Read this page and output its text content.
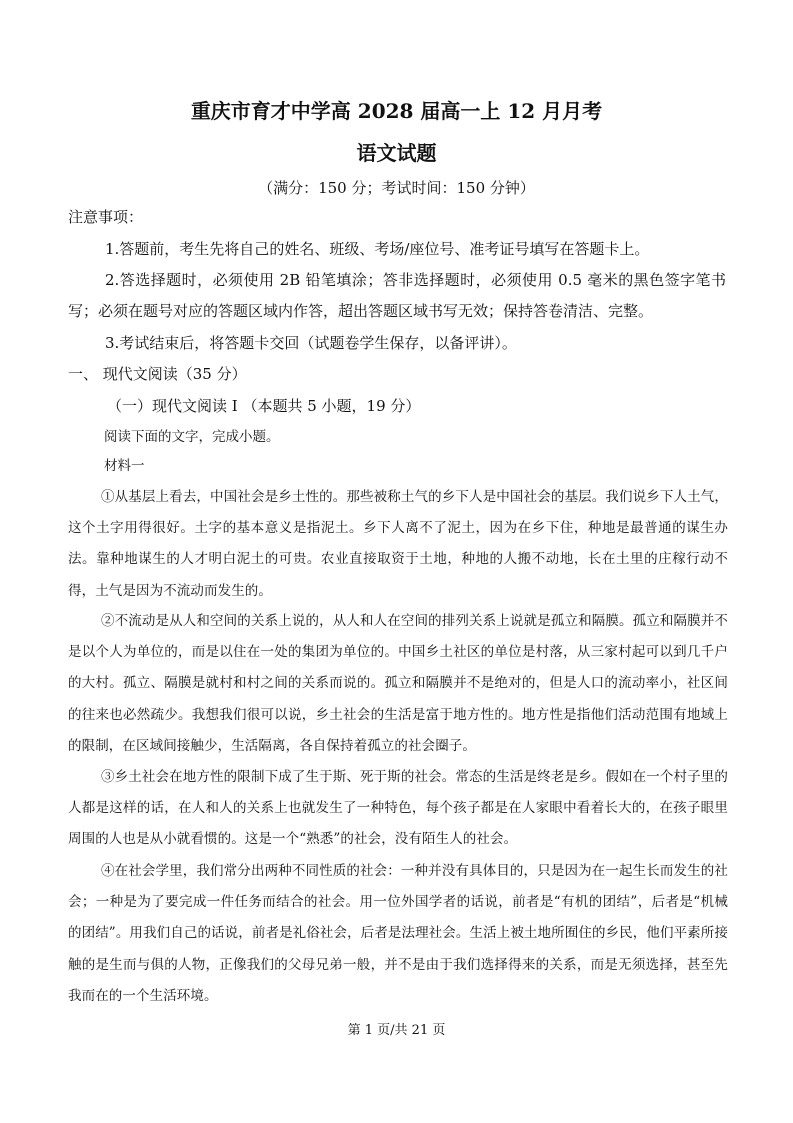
重庆市育才中学高 2028 届高一上 12 月月考
语文试题
（满分：150 分；考试时间：150 分钟）
注意事项：
1.答题前，考生先将自己的姓名、班级、考场/座位号、准考证号填写在答题卡上。
2.答选择题时，必须使用 2B 铅笔填涂；答非选择题时，必须使用 0.5 毫米的黑色签字笔书写；必须在题号对应的答题区域内作答，超出答题区域书写无效；保持答卷清洁、完整。
3.考试结束后，将答题卡交回（试题卷学生保存，以备评讲）。
一、 现代文阅读（35 分）
（一）现代文阅读 I （本题共 5 小题，19 分）
阅读下面的文字，完成小题。
材料一
①从基层上看去，中国社会是乡土性的。那些被称土气的乡下人是中国社会的基层。我们说乡下人土气，这个土字用得很好。土字的基本意义是指泥土。乡下人离不了泥土，因为在乡下住，种地是最普通的谋生办法。靠种地谋生的人才明白泥土的可贵。农业直接取资于土地，种地的人搬不动地，长在土里的庄稼行动不得，土气是因为不流动而发生的。
②不流动是从人和空间的关系上说的，从人和人在空间的排列关系上说就是孤立和隔膜。孤立和隔膜并不是以个人为单位的，而是以住在一处的集团为单位的。中国乡土社区的单位是村落，从三家村起可以到几千户的大村。孤立、隔膜是就村和村之间的关系而说的。孤立和隔膜并不是绝对的，但是人口的流动率小，社区间的往来也必然疏少。我想我们很可以说，乡土社会的生活是富于地方性的。地方性是指他们活动范围有地域上的限制，在区域间接触少，生活隔离，各自保持着孤立的社会圈子。
③乡土社会在地方性的限制下成了生于斯、死于斯的社会。常态的生活是终老是乡。假如在一个村子里的人都是这样的话，在人和人的关系上也就发生了一种特色，每个孩子都是在人家眼中看着长大的，在孩子眼里周围的人也是从小就看惯的。这是一个“熟悉”的社会，没有陌生人的社会。
④在社会学里，我们常分出两种不同性质的社会：一种并没有具体目的，只是因为在一起生长而发生的社会；一种是为了要完成一件任务而结合的社会。用一位外国学者的话说，前者是“有机的团结”，后者是“机械的团结”。用我们自己的话说，前者是礼俗社会，后者是法理社会。生活上被土地所囿住的乡民，他们平素所接触的是生而与俱的人物，正像我们的父母兄弟一般，并不是由于我们选择得来的关系，而是无须选择，甚至先我而在的一个生活环境。
第 1 页/共 21 页
